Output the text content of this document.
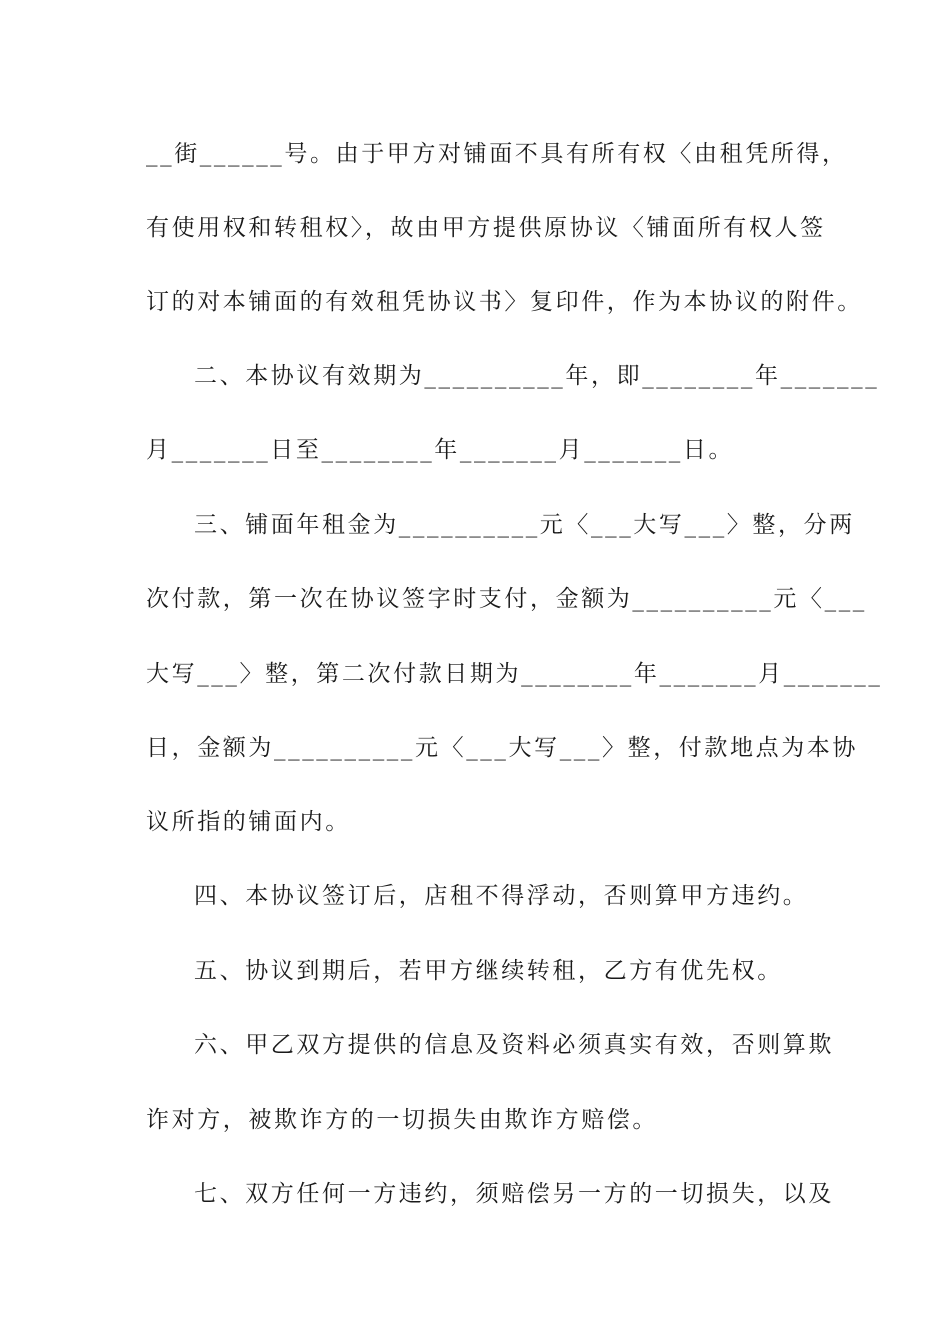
__街______号。由于甲方对铺面不具有所有权〈由租凭所得，
有使用权和转租权〉，故由甲方提供原协议〈铺面所有权人签
订的对本铺面的有效租凭协议书〉复印件，作为本协议的附件。
二、本协议有效期为__________年，即________年_______
月_______日至________年_______月_______日。
三、铺面年租金为__________元〈___大写___〉整，分两
次付款，第一次在协议签字时支付，金额为__________元〈___
大写___〉整，第二次付款日期为________年_______月_______
日，金额为__________元〈___大写___〉整，付款地点为本协
议所指的铺面内。
四、本协议签订后，店租不得浮动，否则算甲方违约。
五、协议到期后，若甲方继续转租，乙方有优先权。
六、甲乙双方提供的信息及资料必须真实有效，否则算欺
诈对方，被欺诈方的一切损失由欺诈方赔偿。
七、双方任何一方违约，须赔偿另一方的一切损失，以及
